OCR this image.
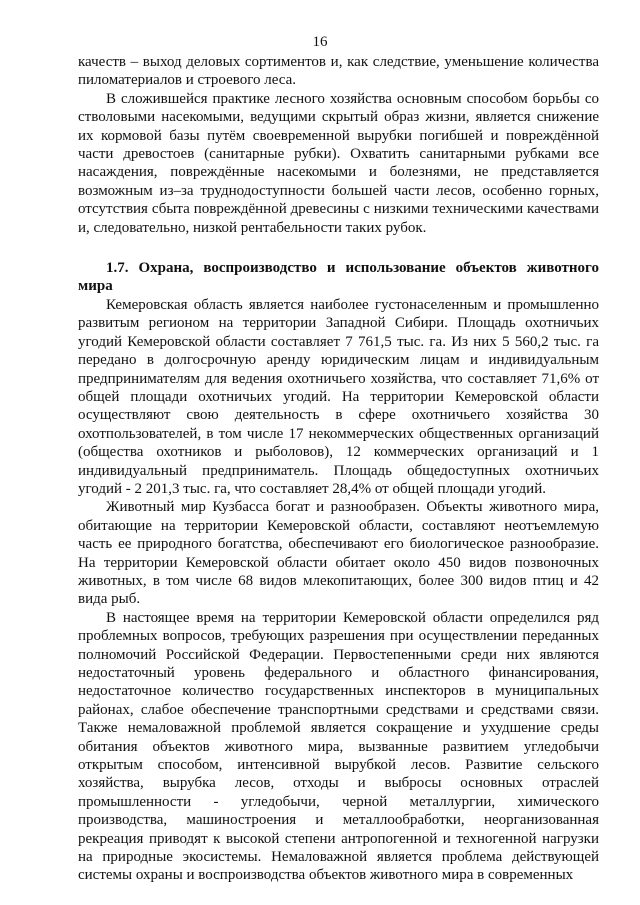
16

качеств – выход деловых сортиментов и, как следствие, уменьшение количества пиломатериалов и строевого леса.

В сложившейся практике лесного хозяйства основным способом борьбы со стволовыми насекомыми, ведущими скрытый образ жизни, является снижение их кормовой базы путём своевременной вырубки погибшей и повреждённой части древостоев (санитарные рубки). Охватить санитарными рубками все насаждения, повреждённые насекомыми и болезнями, не представляется возможным из–за труднодоступности большей части лесов, особенно горных, отсутствия сбыта повреждённой древесины с низкими техническими качествами и, следовательно, низкой рентабельности таких рубок.

1.7. Охрана, воспроизводство и использование объектов животного мира

Кемеровская область является наиболее густонаселенным и промышленно развитым регионом на территории Западной Сибири. Площадь охотничьих угодий Кемеровской области составляет 7 761,5 тыс. га. Из них 5 560,2 тыс. га передано в долгосрочную аренду юридическим лицам и индивидуальным предпринимателям для ведения охотничьего хозяйства, что составляет 71,6% от общей площади охотничьих угодий. На территории Кемеровской области осуществляют свою деятельность в сфере охотничьего хозяйства 30 охотпользователей, в том числе 17 некоммерческих общественных организаций (общества охотников и рыболовов), 12 коммерческих организаций и 1 индивидуальный предприниматель. Площадь общедоступных охотничьих угодий - 2 201,3 тыс. га, что составляет 28,4% от общей площади угодий.

Животный мир Кузбасса богат и разнообразен. Объекты животного мира, обитающие на территории Кемеровской области, составляют неотъемлемую часть ее природного богатства, обеспечивают его биологическое разнообразие. На территории Кемеровской области обитает около 450 видов позвоночных животных, в том числе 68 видов млекопитающих, более 300 видов птиц и 42 вида рыб.

В настоящее время на территории Кемеровской области определился ряд проблемных вопросов, требующих разрешения при осуществлении переданных полномочий Российской Федерации. Первостепенными среди них являются недостаточный уровень федерального и областного финансирования, недостаточное количество государственных инспекторов в муниципальных районах, слабое обеспечение транспортными средствами и средствами связи. Также немаловажной проблемой является сокращение и ухудшение среды обитания объектов животного мира, вызванные развитием угледобычи открытым способом, интенсивной вырубкой лесов. Развитие сельского хозяйства, вырубка лесов, отходы и выбросы основных отраслей промышленности - угледобычи, черной металлургии, химического производства, машиностроения и металлообработки, неорганизованная рекреация приводят к высокой степени антропогенной и техногенной нагрузки на природные экосистемы. Немаловажной является проблема действующей системы охраны и воспроизводства объектов животного мира в современных
